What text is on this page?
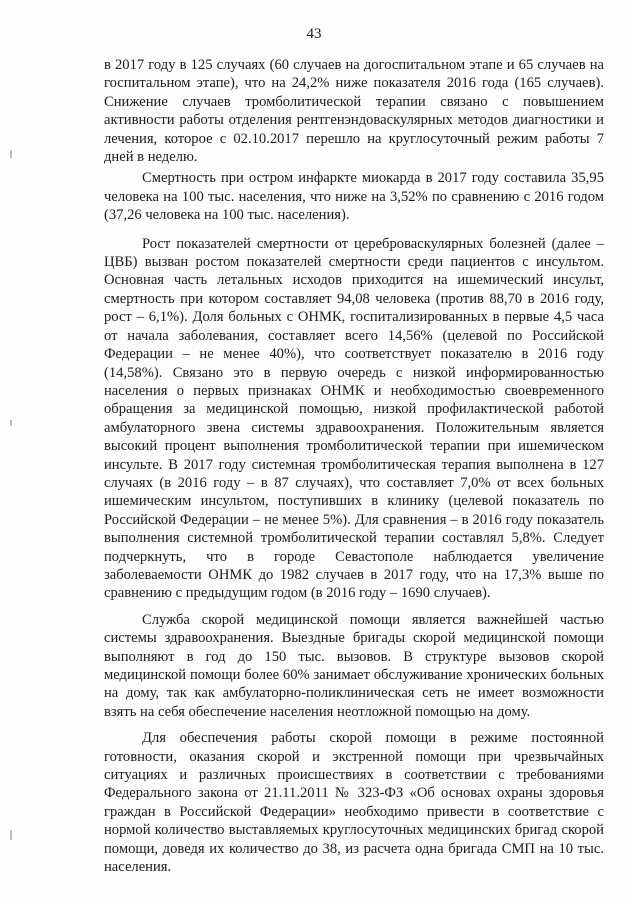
43

в 2017 году в 125 случаях (60 случаев на догоспитальном этапе и 65 случаев на госпитальном этапе), что на 24,2% ниже показателя 2016 года (165 случаев). Снижение случаев тромболитической терапии связано с повышением активности работы отделения рентгенэндоваскулярных методов диагностики и лечения, которое с 02.10.2017 перешло на круглосуточный режим работы 7 дней в неделю.

Смертность при остром инфаркте миокарда в 2017 году составила 35,95 человека на 100 тыс. населения, что ниже на 3,52% по сравнению с 2016 годом (37,26 человека на 100 тыс. населения).

Рост показателей смертности от цереброваскулярных болезней (далее – ЦВБ) вызван ростом показателей смертности среди пациентов с инсультом. Основная часть летальных исходов приходится на ишемический инсульт, смертность при котором составляет 94,08 человека (против 88,70 в 2016 году, рост – 6,1%). Доля больных с ОНМК, госпитализированных в первые 4,5 часа от начала заболевания, составляет всего 14,56% (целевой по Российской Федерации – не менее 40%), что соответствует показателю в 2016 году (14,58%). Связано это в первую очередь с низкой информированностью населения о первых признаках ОНМК и необходимостью своевременного обращения за медицинской помощью, низкой профилактической работой амбулаторного звена системы здравоохранения. Положительным является высокий процент выполнения тромболитической терапии при ишемическом инсульте. В 2017 году системная тромболитическая терапия выполнена в 127 случаях (в 2016 году – в 87 случаях), что составляет 7,0% от всех больных ишемическим инсультом, поступивших в клинику (целевой показатель по Российской Федерации – не менее 5%). Для сравнения – в 2016 году показатель выполнения системной тромболитической терапии составлял 5,8%. Следует подчеркнуть, что в городе Севастополе наблюдается увеличение заболеваемости ОНМК до 1982 случаев в 2017 году, что на 17,3% выше по сравнению с предыдущим годом (в 2016 году – 1690 случаев).

Служба скорой медицинской помощи является важнейшей частью системы здравоохранения. Выездные бригады скорой медицинской помощи выполняют в год до 150 тыс. вызовов. В структуре вызовов скорой медицинской помощи более 60% занимает обслуживание хронических больных на дому, так как амбулаторно-поликлиническая сеть не имеет возможности взять на себя обеспечение населения неотложной помощью на дому.

Для обеспечения работы скорой помощи в режиме постоянной готовности, оказания скорой и экстренной помощи при чрезвычайных ситуациях и различных происшествиях в соответствии с требованиями Федерального закона от 21.11.2011 № 323-ФЗ «Об основах охраны здоровья граждан в Российской Федерации» необходимо привести в соответствие с нормой количество выставляемых круглосуточных медицинских бригад скорой помощи, доведя их количество до 38, из расчета одна бригада СМП на 10 тыс. населения.
